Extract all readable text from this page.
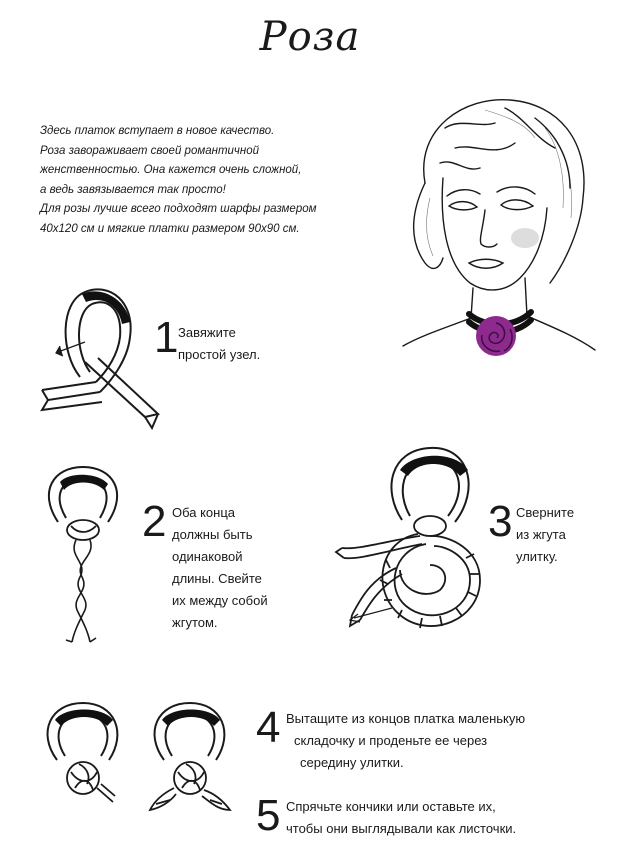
Роза
Здесь платок вступает в новое качество.
Роза завораживает своей романтичной
женственностью. Она кажется очень сложной,
а ведь завязывается так просто!
Для розы лучше всего подходят шарфы размером
40x120 см и мягкие платки размером 90x90 см.
1 Завяжите
простой узел.
2 Оба конца
должны быть
одинаковой
длины. Свейте
их между собой
жгутом.
3 Сверните
из жгута
улитку.
4 Вытащите из концов платка маленькую
складочку и проденьте ее через
середину улитки.
5 Спрячьте кончики или оставьте их,
чтобы они выглядывали как листочки.
